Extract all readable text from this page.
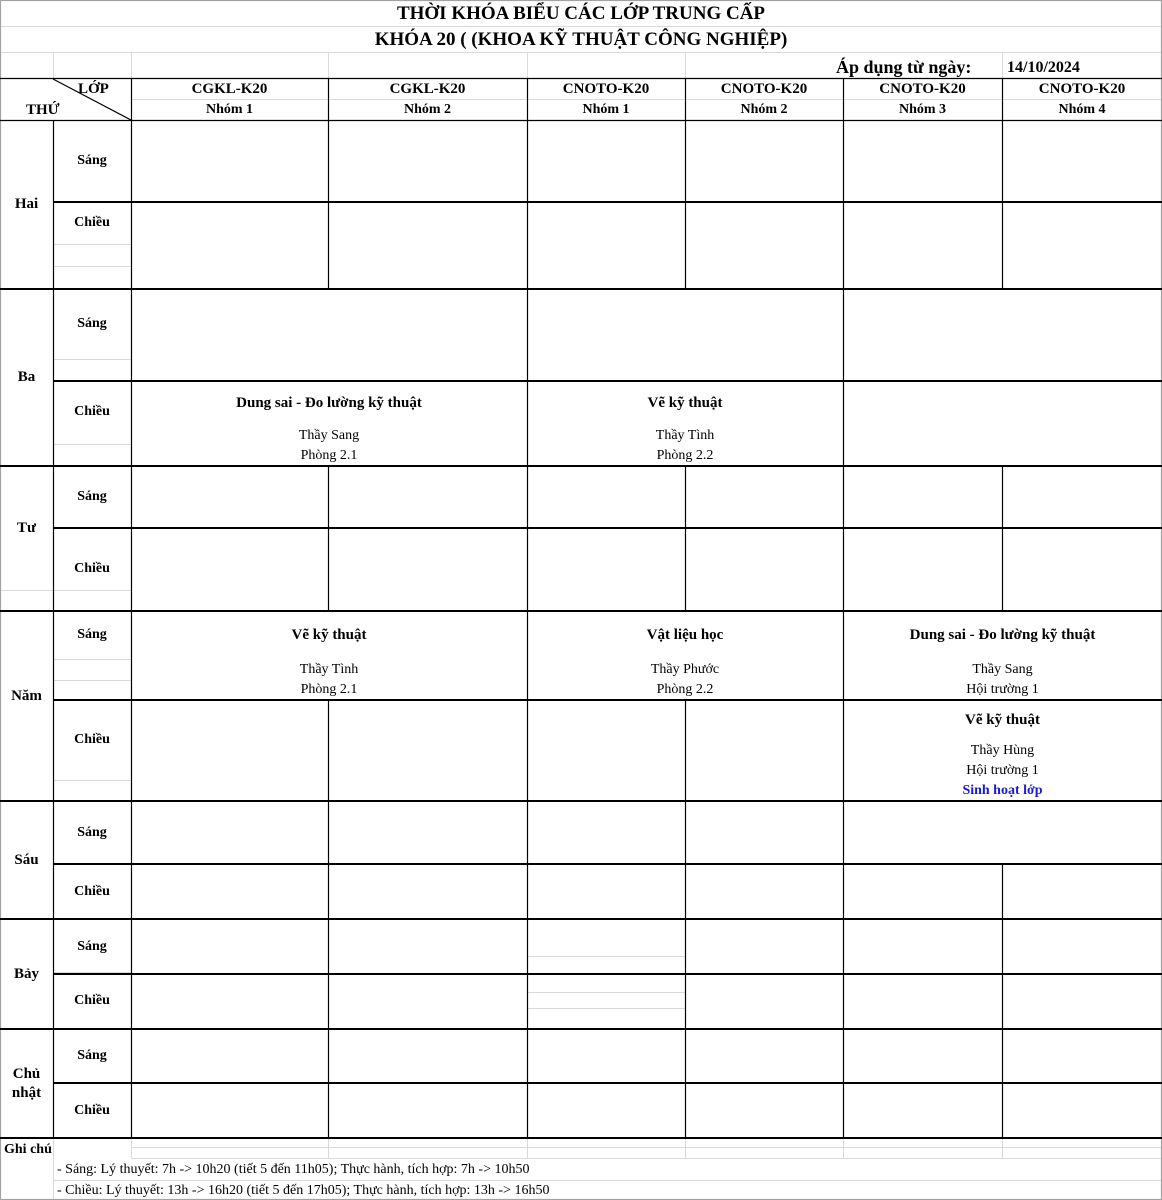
THỜI KHÓA BIỂU CÁC LỚP TRUNG CẤP
KHÓA 20 ( (KHOA KỸ THUẬT CÔNG NGHIỆP)
Áp dụng từ ngày: 14/10/2024
LỚP
THỨ
CGKL-K20
Nhóm 1
CGKL-K20
Nhóm 2
CNOTO-K20
Nhóm 1
CNOTO-K20
Nhóm 2
CNOTO-K20
Nhóm 3
CNOTO-K20
Nhóm 4
Hai
Ba
Tư
Năm
Sáu
Bảy
Chủ
nhật
Sáng
Chiều
Sáng
Chiều
Sáng
Chiều
Sáng
Chiều
Sáng
Chiều
Sáng
Chiều
Sáng
Chiều
Dung sai - Đo lường kỹ thuật
Thầy Sang
Phòng 2.1
Vẽ kỹ thuật
Thầy Tình
Phòng 2.2
Vẽ kỹ thuật
Thầy Tình
Phòng 2.1
Vật liệu học
Thầy Phước
Phòng 2.2
Dung sai - Đo lường kỹ thuật
Thầy Sang
Hội trường 1
Vẽ kỹ thuật
Thầy Hùng
Hội trường 1
Sinh hoạt lớp
Ghi chú
- Sáng: Lý thuyết: 7h -> 10h20 (tiết 5 đến 11h05); Thực hành, tích hợp: 7h -> 10h50
- Chiều: Lý thuyết: 13h -> 16h20 (tiết 5 đến 17h05); Thực hành, tích hợp: 13h -> 16h50
